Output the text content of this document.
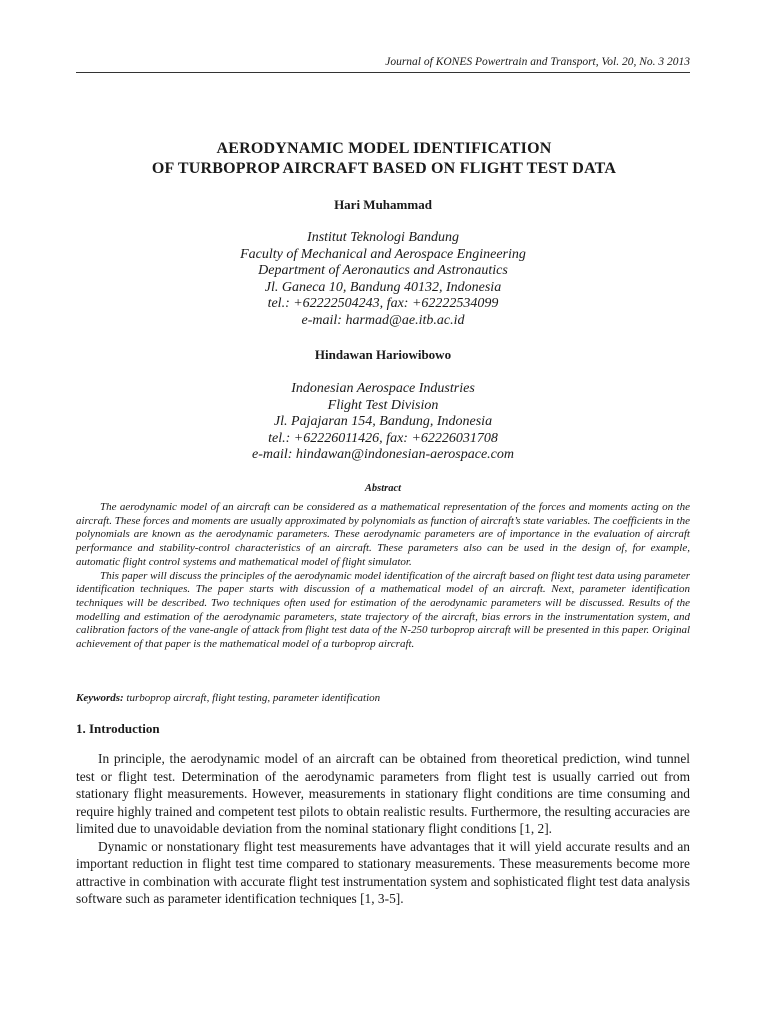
Journal of KONES Powertrain and Transport, Vol. 20, No. 3 2013
AERODYNAMIC MODEL IDENTIFICATION
OF TURBOPROP AIRCRAFT BASED ON FLIGHT TEST DATA
Hari Muhammad
Institut Teknologi Bandung
Faculty of Mechanical and Aerospace Engineering
Department of Aeronautics and Astronautics
Jl. Ganeca 10, Bandung 40132, Indonesia
tel.: +62222504243, fax: +62222534099
e-mail: harmad@ae.itb.ac.id
Hindawan Hariowibowo
Indonesian Aerospace Industries
Flight Test Division
Jl. Pajajaran 154, Bandung, Indonesia
tel.: +62226011426, fax: +62226031708
e-mail: hindawan@indonesian-aerospace.com
Abstract

The aerodynamic model of an aircraft can be considered as a mathematical representation of the forces and moments acting on the aircraft. These forces and moments are usually approximated by polynomials as function of aircraft’s state variables. The coefficients in the polynomials are known as the aerodynamic parameters. These aerodynamic parameters are of importance in the evaluation of aircraft performance and stability-control characteristics of an aircraft. These parameters also can be used in the design of, for example, automatic flight control systems and mathematical model of flight simulator.

This paper will discuss the principles of the aerodynamic model identification of the aircraft based on flight test data using parameter identification techniques. The paper starts with discussion of a mathematical model of an aircraft. Next, parameter identification techniques will be described. Two techniques often used for estimation of the aerodynamic parameters will be discussed. Results of the modelling and estimation of the aerodynamic parameters, state trajectory of the aircraft, bias errors in the instrumentation system, and calibration factors of the vane-angle of attack from flight test data of the N-250 turboprop aircraft will be presented in this paper. Original achievement of that paper is the mathematical model of a turboprop aircraft.

Keywords: turboprop aircraft, flight testing, parameter identification
1. Introduction

In principle, the aerodynamic model of an aircraft can be obtained from theoretical prediction, wind tunnel test or flight test. Determination of the aerodynamic parameters from flight test is usually carried out from stationary flight measurements. However, measurements in stationary flight conditions are time consuming and require highly trained and competent test pilots to obtain realistic results. Furthermore, the resulting accuracies are limited due to unavoidable deviation from the nominal stationary flight conditions [1, 2].

Dynamic or nonstationary flight test measurements have advantages that it will yield accurate results and an important reduction in flight test time compared to stationary measurements. These measurements become more attractive in combination with accurate flight test instrumentation system and sophisticated flight test data analysis software such as parameter identification techniques [1, 3-5].
